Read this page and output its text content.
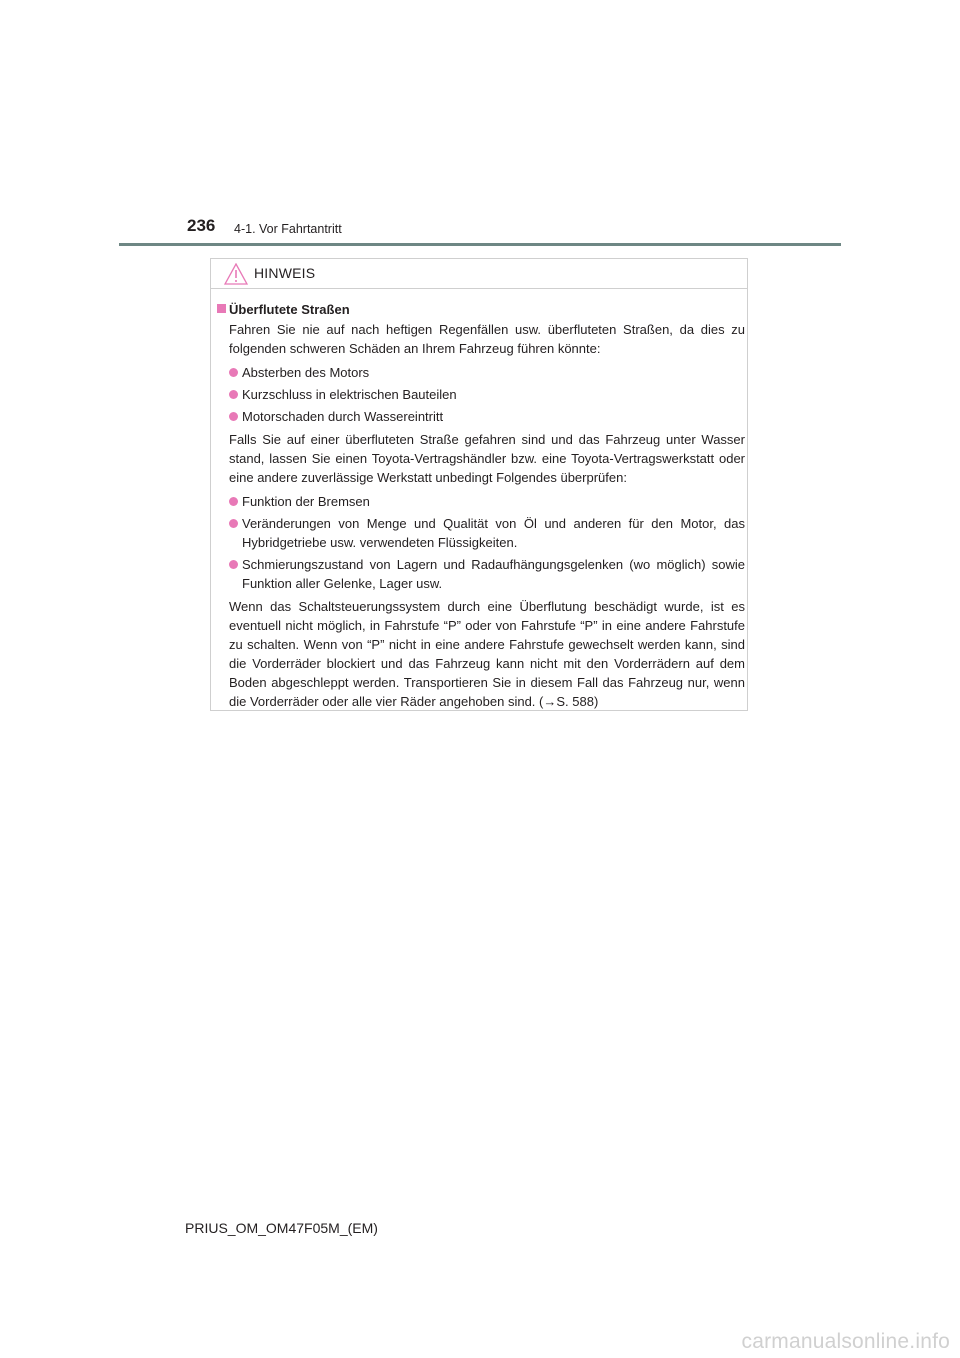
236 4-1. Vor Fahrtantritt
HINWEIS
Überflutete Straßen
Fahren Sie nie auf nach heftigen Regenfällen usw. überfluteten Straßen, da dies zu folgenden schweren Schäden an Ihrem Fahrzeug führen könnte:
Absterben des Motors
Kurzschluss in elektrischen Bauteilen
Motorschaden durch Wassereintritt
Falls Sie auf einer überfluteten Straße gefahren sind und das Fahrzeug unter Wasser stand, lassen Sie einen Toyota-Vertragshändler bzw. eine Toyota-Vertragswerkstatt oder eine andere zuverlässige Werkstatt unbedingt Folgendes überprüfen:
Funktion der Bremsen
Veränderungen von Menge und Qualität von Öl und anderen für den Motor, das Hybridgetriebe usw. verwendeten Flüssigkeiten.
Schmierungszustand von Lagern und Radaufhängungsgelenken (wo möglich) sowie Funktion aller Gelenke, Lager usw.
Wenn das Schaltsteuerungssystem durch eine Überflutung beschädigt wurde, ist es eventuell nicht möglich, in Fahrstufe “P” oder von Fahrstufe “P” in eine andere Fahrstufe zu schalten. Wenn von “P” nicht in eine andere Fahrstufe gewechselt werden kann, sind die Vorderräder blockiert und das Fahrzeug kann nicht mit den Vorderrädern auf dem Boden abgeschleppt werden. Transportieren Sie in diesem Fall das Fahrzeug nur, wenn die Vorderräder oder alle vier Räder angehoben sind. (→S. 588)
PRIUS_OM_OM47F05M_(EM)
carmanualsonline.info
